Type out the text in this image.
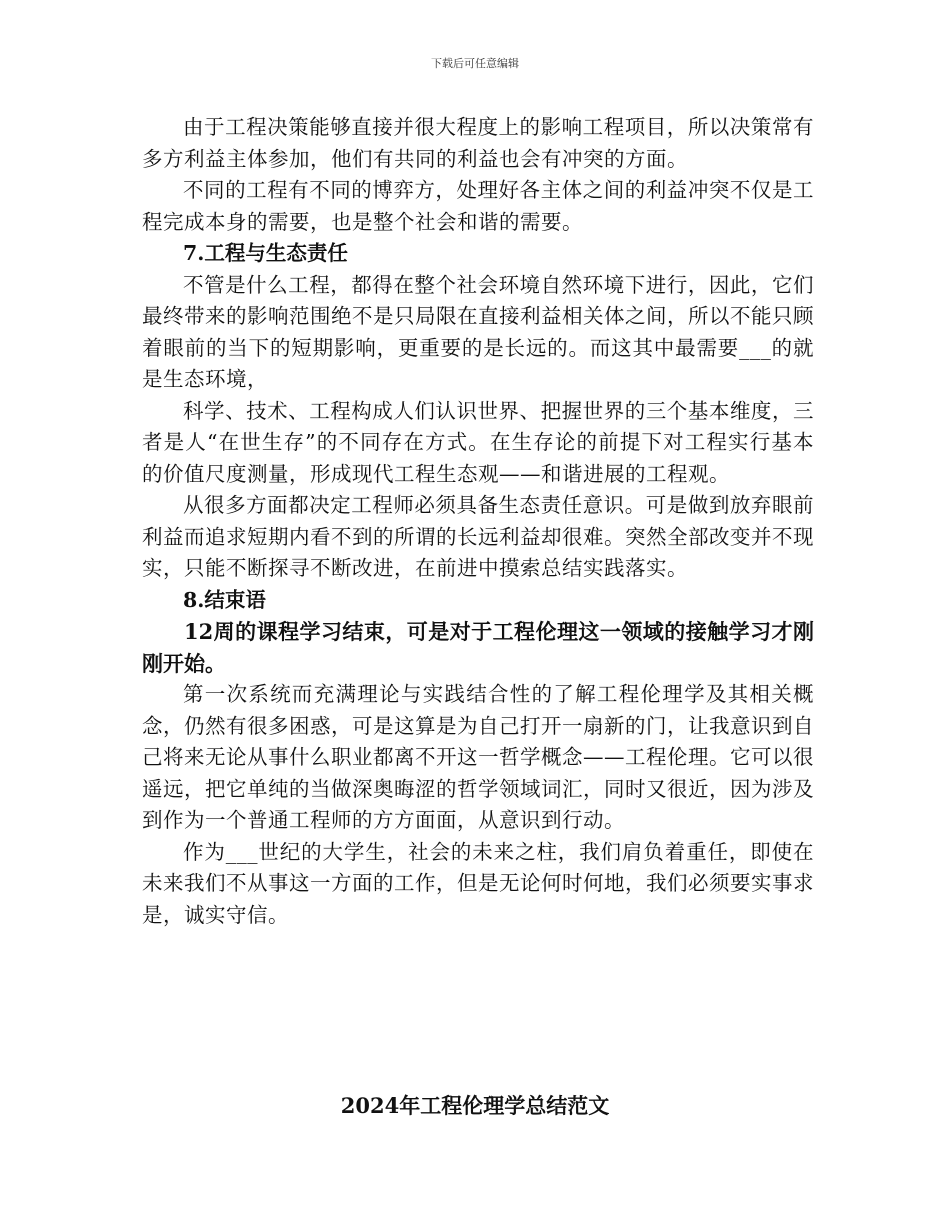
下载后可任意编辑

由于工程决策能够直接并很大程度上的影响工程项目，所以决策常有多方利益主体参加，他们有共同的利益也会有冲突的方面。

不同的工程有不同的博弈方，处理好各主体之间的利益冲突不仅是工程完成本身的需要，也是整个社会和谐的需要。

7.工程与生态责任

不管是什么工程，都得在整个社会环境自然环境下进行，因此，它们最终带来的影响范围绝不是只局限在直接利益相关体之间，所以不能只顾着眼前的当下的短期影响，更重要的是长远的。而这其中最需要___的就是生态环境，

科学、技术、工程构成人们认识世界、把握世界的三个基本维度，三者是人“在世生存”的不同存在方式。在生存论的前提下对工程实行基本的价值尺度测量，形成现代工程生态观——和谐进展的工程观。

从很多方面都决定工程师必须具备生态责任意识。可是做到放弃眼前利益而追求短期内看不到的所谓的长远利益却很难。突然全部改变并不现实，只能不断探寻不断改进，在前进中摸索总结实践落实。

8.结束语

12周的课程学习结束，可是对于工程伦理这一领域的接触学习才刚刚开始。

第一次系统而充满理论与实践结合性的了解工程伦理学及其相关概念，仍然有很多困惑，可是这算是为自己打开一扇新的门，让我意识到自己将来无论从事什么职业都离不开这一哲学概念——工程伦理。它可以很遥远，把它单纯的当做深奥晦涩的哲学领域词汇，同时又很近，因为涉及到作为一个普通工程师的方方面面，从意识到行动。

作为___世纪的大学生，社会的未来之柱，我们肩负着重任，即使在未来我们不从事这一方面的工作，但是无论何时何地，我们必须要实事求是，诚实守信。

2024年工程伦理学总结范文
